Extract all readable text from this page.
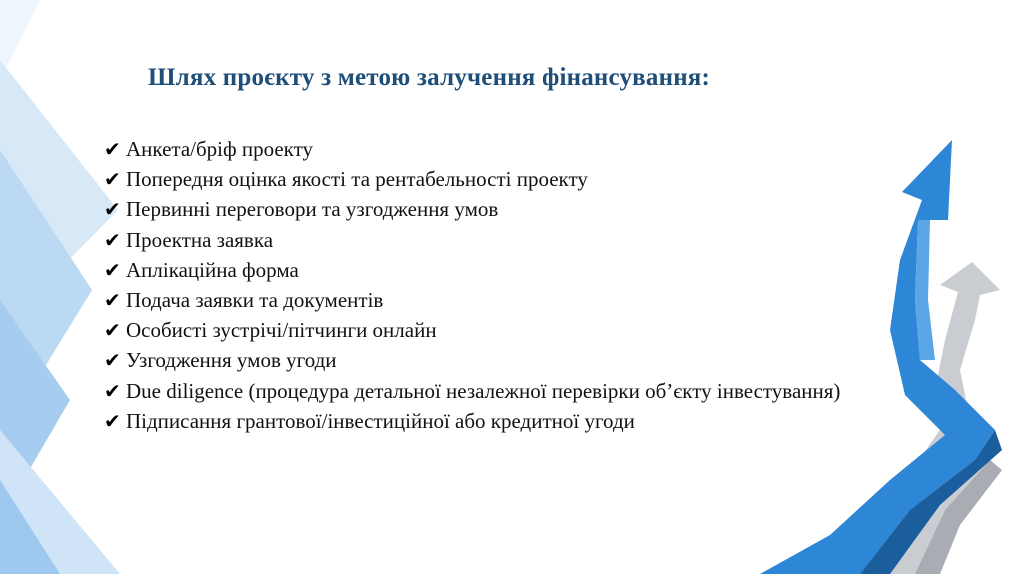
Шлях проєкту з метою залучення фінансування:
✔ Анкета/бріф проекту
✔ Попередня оцінка якості та рентабельності проекту
✔ Первинні переговори та узгодження умов
✔ Проектна заявка
✔ Аплікаційна форма
✔ Подача заявки та документів
✔ Особисті зустрічі/пітчинги онлайн
✔ Узгодження умов угоди
✔ Due diligence (процедура детальної незалежної перевірки об’єкту інвестування)
✔ Підписання грантової/інвестиційної або кредитної угоди
